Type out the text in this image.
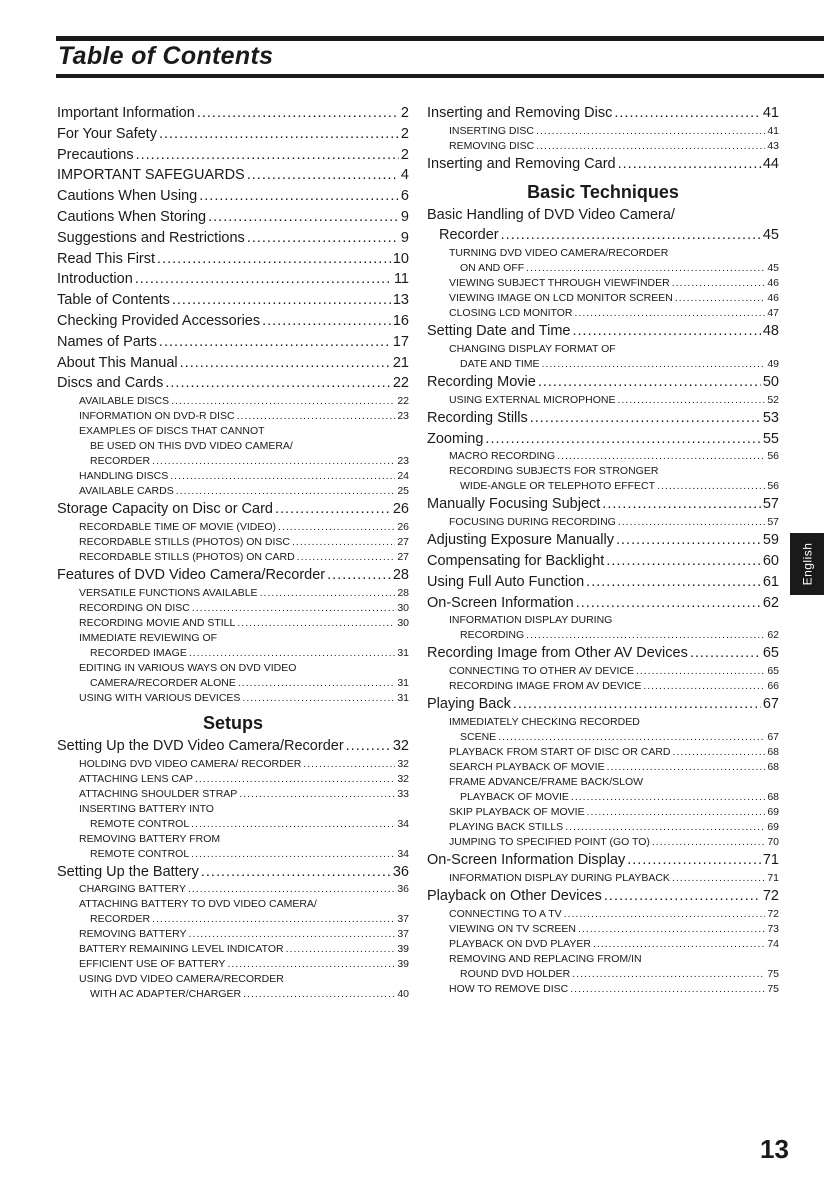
Table of Contents
Important Information .....	2
For Your Safety .....	2
Precautions .....	2
IMPORTANT SAFEGUARDS .....	4
Cautions When Using .....	6
Cautions When Storing .....	9
Suggestions and Restrictions .....	9
Read This First .....	10
Introduction .....	11
Table of Contents .....	13
Checking Provided Accessories .....	16
Names of Parts .....	17
About This Manual .....	21
Discs and Cards .....	22
AVAILABLE DISCS .....	22
INFORMATION ON DVD-R DISC .....	23
EXAMPLES OF DISCS THAT CANNOT
BE USED ON THIS DVD VIDEO CAMERA/
RECORDER .....	23
HANDLING DISCS .....	24
AVAILABLE CARDS .....	25
Storage Capacity on Disc or Card .....	26
RECORDABLE TIME OF MOVIE (VIDEO) .....	26
RECORDABLE STILLS (PHOTOS) ON DISC .....	27
RECORDABLE STILLS (PHOTOS) ON CARD .....	27
Features of DVD Video Camera/Recorder .....	28
VERSATILE FUNCTIONS AVAILABLE .....	28
RECORDING ON DISC .....	30
RECORDING MOVIE AND STILL .....	30
IMMEDIATE REVIEWING OF
RECORDED IMAGE .....	31
EDITING IN VARIOUS WAYS ON DVD VIDEO
CAMERA/RECORDER ALONE .....	31
USING WITH VARIOUS DEVICES .....	31
Setups
Setting Up the DVD Video Camera/Recorder .....	32
HOLDING DVD VIDEO CAMERA/ RECORDER .....	32
ATTACHING LENS CAP .....	32
ATTACHING SHOULDER STRAP .....	33
INSERTING BATTERY INTO
REMOTE CONTROL .....	34
REMOVING BATTERY FROM
REMOTE CONTROL .....	34
Setting Up the Battery .....	36
CHARGING BATTERY .....	36
ATTACHING BATTERY TO DVD VIDEO CAMERA/
RECORDER .....	37
REMOVING BATTERY .....	37
BATTERY REMAINING LEVEL INDICATOR .....	39
EFFICIENT USE OF BATTERY .....	39
USING DVD VIDEO CAMERA/RECORDER
WITH AC ADAPTER/CHARGER .....	40
Inserting and Removing Disc .....	41
INSERTING DISC .....	41
REMOVING DISC .....	43
Inserting and Removing Card .....	44
Basic Techniques
Basic Handling of DVD Video Camera/
Recorder .....	45
TURNING DVD VIDEO CAMERA/RECORDER
ON AND OFF .....	45
VIEWING SUBJECT THROUGH VIEWFINDER .....	46
VIEWING IMAGE ON LCD MONITOR SCREEN .....	46
CLOSING LCD MONITOR .....	47
Setting Date and Time .....	48
CHANGING DISPLAY FORMAT OF
DATE AND TIME .....	49
Recording Movie .....	50
USING EXTERNAL MICROPHONE .....	52
Recording Stills .....	53
Zooming .....	55
MACRO RECORDING .....	56
RECORDING SUBJECTS FOR STRONGER
WIDE-ANGLE OR TELEPHOTO EFFECT .....	56
Manually Focusing Subject .....	57
FOCUSING DURING RECORDING .....	57
Adjusting Exposure Manually .....	59
Compensating for Backlight .....	60
Using Full Auto Function .....	61
On-Screen Information .....	62
INFORMATION DISPLAY DURING
RECORDING .....	62
Recording Image from Other AV Devices .....	65
CONNECTING TO OTHER AV DEVICE .....	65
RECORDING IMAGE FROM AV DEVICE .....	66
Playing Back .....	67
IMMEDIATELY CHECKING RECORDED
SCENE .....	67
PLAYBACK FROM START OF DISC OR CARD .....	68
SEARCH PLAYBACK OF MOVIE .....	68
FRAME ADVANCE/FRAME BACK/SLOW
PLAYBACK OF MOVIE .....	68
SKIP PLAYBACK OF MOVIE .....	69
PLAYING BACK STILLS .....	69
JUMPING TO SPECIFIED POINT (GO TO) .....	70
On-Screen Information Display .....	71
INFORMATION DISPLAY DURING PLAYBACK .....	71
Playback on Other Devices .....	72
CONNECTING TO A TV .....	72
VIEWING ON TV SCREEN .....	73
PLAYBACK ON DVD PLAYER .....	74
REMOVING AND REPLACING FROM/IN
ROUND DVD HOLDER .....	75
HOW TO REMOVE DISC .....	75
English
13
